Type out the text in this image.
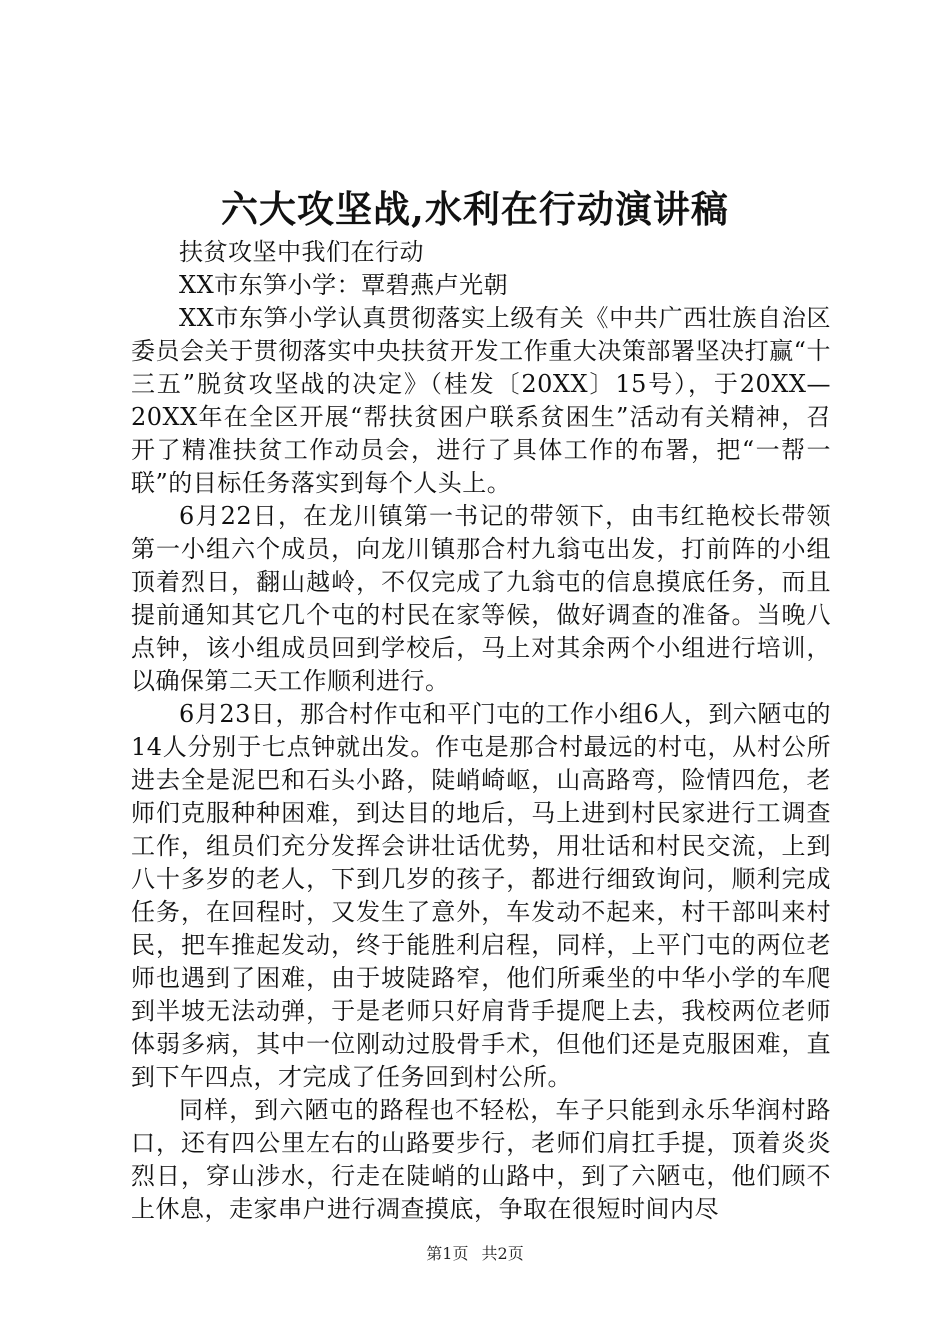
六大攻坚战,水利在行动演讲稿

扶贫攻坚中我们在行动

XX市东笋小学：覃碧燕卢光朝

XX市东笋小学认真贯彻落实上级有关《中共广西壮族自治区委员会关于贯彻落实中央扶贫开发工作重大决策部署坚决打赢“十三五”脱贫攻坚战的决定》（桂发〔20XX〕15号），于20XX—20XX年在全区开展“帮扶贫困户联系贫困生”活动有关精神，召开了精准扶贫工作动员会，进行了具体工作的布署，把“一帮一联”的目标任务落实到每个人头上。

6月22日，在龙川镇第一书记的带领下，由韦红艳校长带领第一小组六个成员，向龙川镇那合村九翁屯出发，打前阵的小组顶着烈日，翻山越岭，不仅完成了九翁屯的信息摸底任务，而且提前通知其它几个屯的村民在家等候，做好调查的准备。当晚八点钟，该小组成员回到学校后，马上对其余两个小组进行培训，以确保第二天工作顺利进行。

6月23日，那合村作屯和平门屯的工作小组6人，到六陋屯的14人分别于七点钟就出发。作屯是那合村最远的村屯，从村公所进去全是泥巴和石头小路，陡峭崎岖，山高路弯，险情四危，老师们克服种种困难，到达目的地后，马上进到村民家进行工调查工作，组员们充分发挥会讲壮话优势，用壮话和村民交流，上到八十多岁的老人，下到几岁的孩子，都进行细致询问，顺利完成任务，在回程时，又发生了意外，车发动不起来，村干部叫来村民，把车推起发动，终于能胜利启程，同样，上平门屯的两位老师也遇到了困难，由于坡陡路窄，他们所乘坐的中华小学的车爬到半坡无法动弹，于是老师只好肩背手提爬上去，我校两位老师体弱多病，其中一位刚动过股骨手术，但他们还是克服困难，直到下午四点，才完成了任务回到村公所。

同样，到六陋屯的路程也不轻松，车子只能到永乐华润村路口，还有四公里左右的山路要步行，老师们肩扛手提，顶着炎炎烈日，穿山涉水，行走在陡峭的山路中，到了六陋屯，他们顾不上休息，走家串户进行凋查摸底，争取在很短时间内尽

第1页 共2页
